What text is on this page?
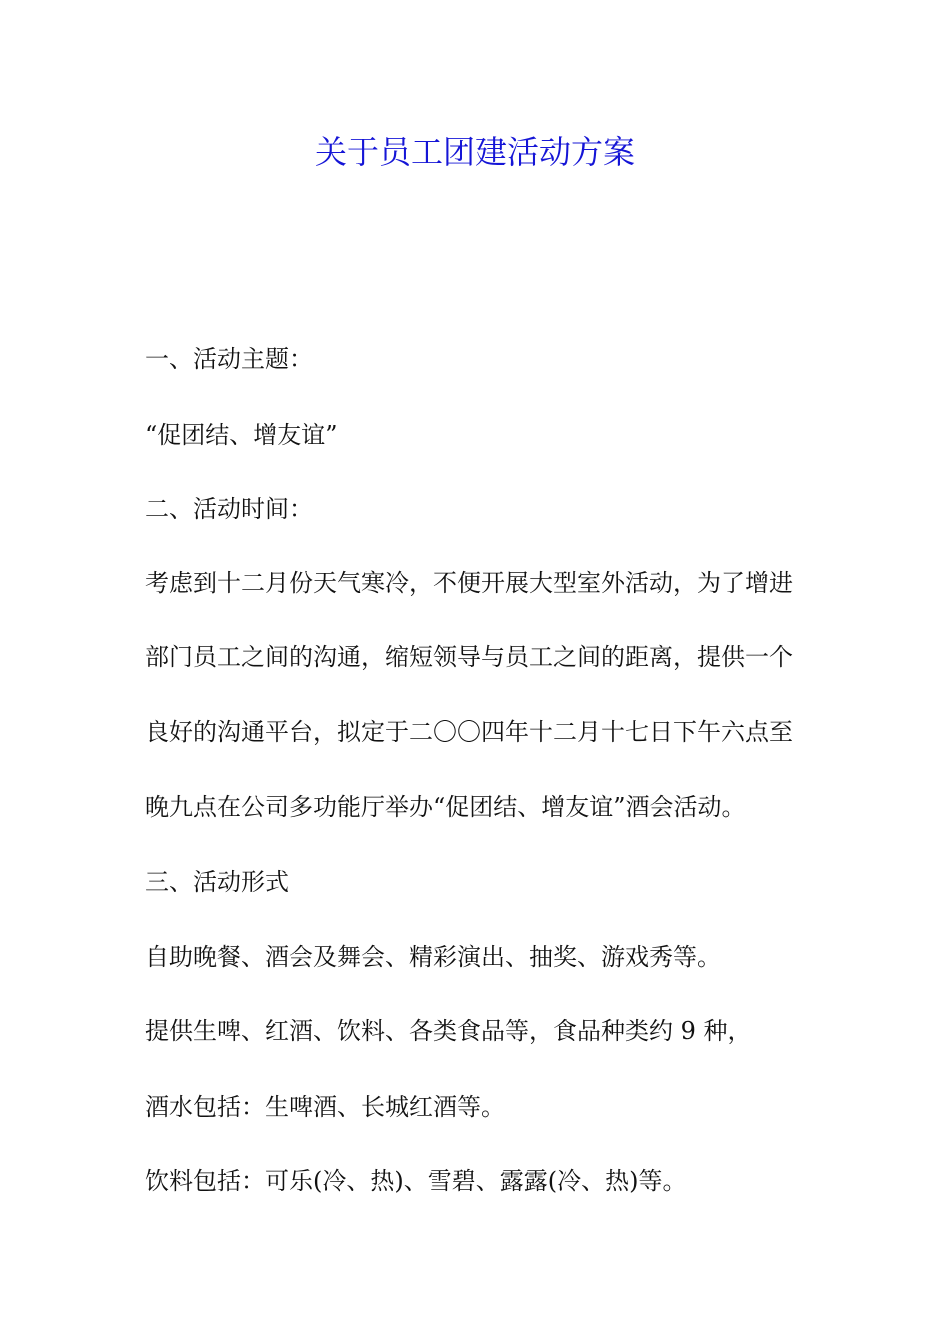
关于员工团建活动方案
一、活动主题：
“促团结、增友谊”
二、活动时间：
考虑到十二月份天气寒冷，不便开展大型室外活动，为了增进
部门员工之间的沟通，缩短领导与员工之间的距离，提供一个
良好的沟通平台，拟定于二〇〇四年十二月十七日下午六点至
晚九点在公司多功能厅举办“促团结、增友谊”酒会活动。
三、活动形式
自助晚餐、酒会及舞会、精彩演出、抽奖、游戏秀等。
提供生啤、红酒、饮料、各类食品等，食品种类约 9 种，
酒水包括：生啤酒、长城红酒等。
饮料包括：可乐(冷、热)、雪碧、露露(冷、热)等。
